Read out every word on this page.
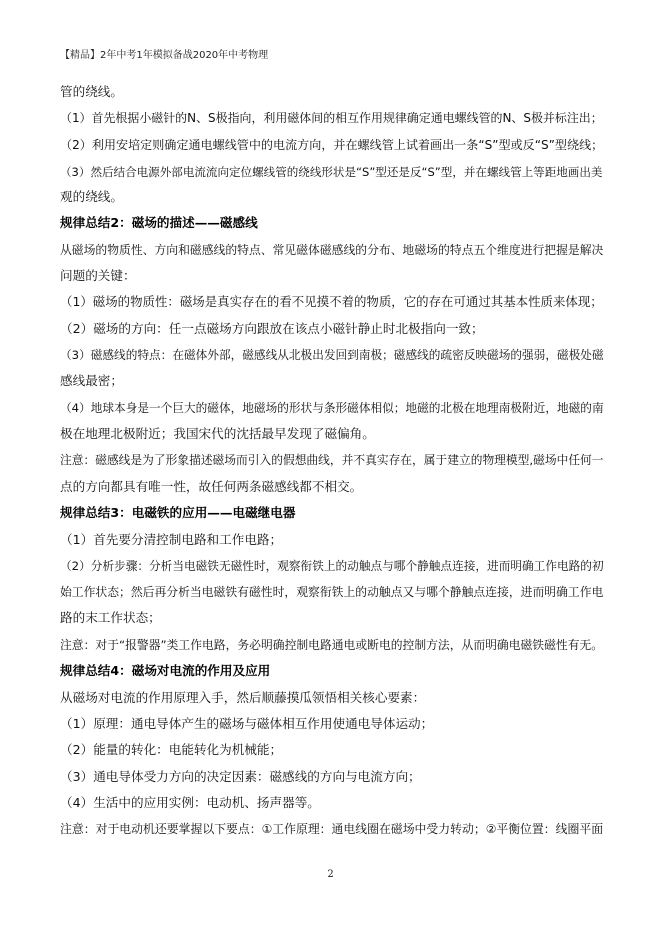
【精品】2年中考1年模拟备战2020年中考物理
管的绕线。
（1）首先根据小磁针的N、S极指向，利用磁体间的相互作用规律确定通电螺线管的N、S极并标注出；
（2）利用安培定则确定通电螺线管中的电流方向，并在螺线管上试着画出一条“S”型或反“S”型绕线；
（3）然后结合电源外部电流流向定位螺线管的绕线形状是“S”型还是反“S”型，并在螺线管上等距地画出美
观的绕线。
规律总结2：磁场的描述——磁感线
从磁场的物质性、方向和磁感线的特点、常见磁体磁感线的分布、地磁场的特点五个维度进行把握是解决
问题的关键：
（1）磁场的物质性：磁场是真实存在的看不见摸不着的物质，它的存在可通过其基本性质来体现；
（2）磁场的方向：任一点磁场方向跟放在该点小磁针静止时北极指向一致；
（3）磁感线的特点：在磁体外部，磁感线从北极出发回到南极；磁感线的疏密反映磁场的强弱，磁极处磁
感线最密；
（4）地球本身是一个巨大的磁体，地磁场的形状与条形磁体相似；地磁的北极在地理南极附近，地磁的南
极在地理北极附近；我国宋代的沈括最早发现了磁偏角。
注意：磁感线是为了形象描述磁场而引入的假想曲线，并不真实存在，属于建立的物理模型,磁场中任何一
点的方向都具有唯一性，故任何两条磁感线都不相交。
规律总结3：电磁铁的应用——电磁继电器
（1）首先要分清控制电路和工作电路；
（2）分析步骤：分析当电磁铁无磁性时，观察衔铁上的动触点与哪个静触点连接，进而明确工作电路的初
始工作状态；然后再分析当电磁铁有磁性时，观察衔铁上的动触点又与哪个静触点连接，进而明确工作电
路的末工作状态；
注意：对于“报警器”类工作电路，务必明确控制电路通电或断电的控制方法，从而明确电磁铁磁性有无。
规律总结4：磁场对电流的作用及应用
从磁场对电流的作用原理入手，然后顺藤摸瓜领悟相关核心要素：
（1）原理：通电导体产生的磁场与磁体相互作用使通电导体运动；
（2）能量的转化：电能转化为机械能；
（3）通电导体受力方向的决定因素：磁感线的方向与电流方向；
（4）生活中的应用实例：电动机、扬声器等。
注意：对于电动机还要掌握以下要点：①工作原理：通电线圈在磁场中受力转动；②平衡位置：线圈平面
2
